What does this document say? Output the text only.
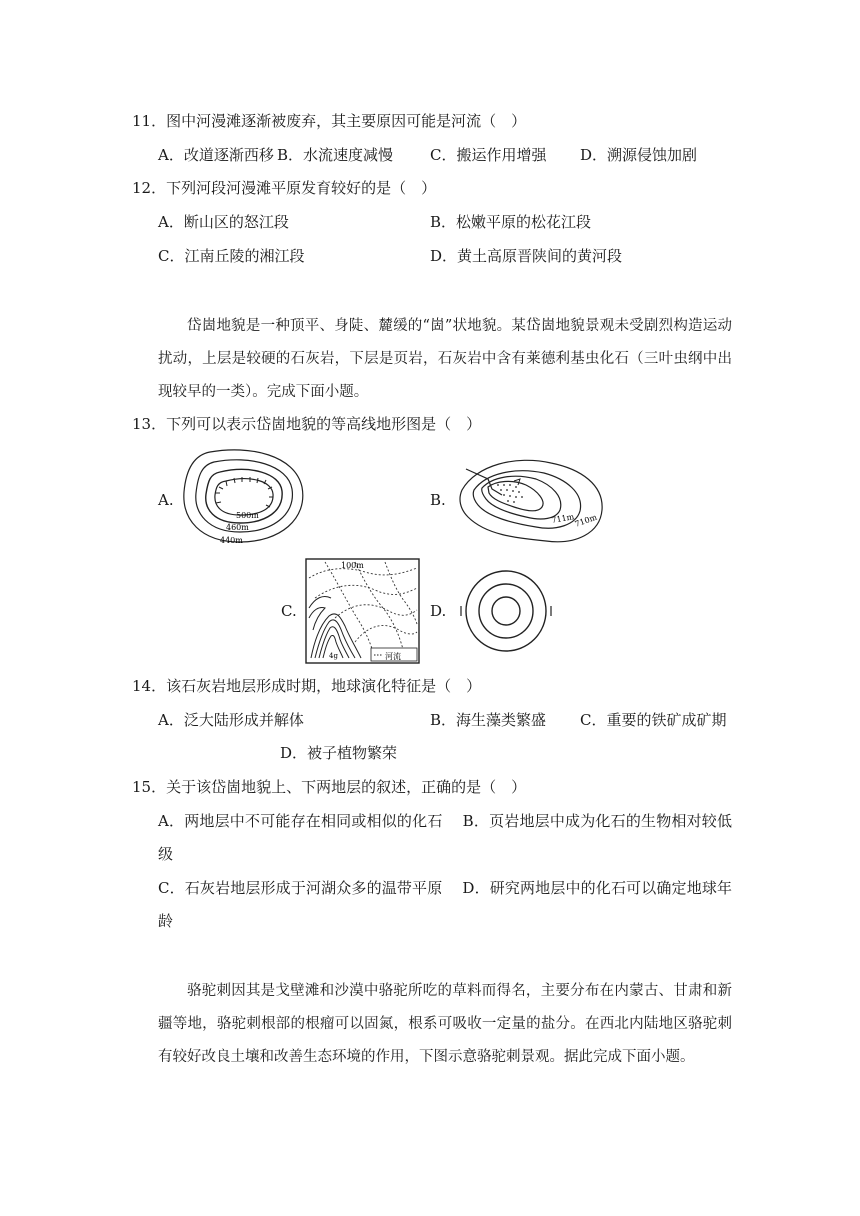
11．图中河漫滩逐渐被废弃，其主要原因可能是河流（　）
A．改道逐渐西移 B．水流速度减慢 C．搬运作用增强 D．溯源侵蚀加剧
12．下列河段河漫滩平原发育较好的是（　）
A．断山区的怒江段	B．松嫩平原的松花江段
C．江南丘陵的湘江段	D．黄土高原晋陕间的黄河段
岱崮地貌是一种顶平、身陡、麓缓的“崮”状地貌。某岱崮地貌景观未受剧烈构造运动扰动，上层是较硬的石灰岩，下层是页岩，石灰岩中含有莱德利基虫化石（三叶虫纲中出现较早的一类）。完成下面小题。
13．下列可以表示岱崮地貌的等高线地形图是（　）
A.
500m
460m
440m
B.
711m
710m
C.
河流
100m
4g
D.
14．该石灰岩地层形成时期，地球演化特征是（　）
A．泛大陆形成并解体	B．海生藻类繁盛 C．重要的铁矿成矿期
D．被子植物繁荣
15．关于该岱崮地貌上、下两地层的叙述，正确的是（　）
A．两地层中不可能存在相同或相似的化石　 B．页岩地层中成为化石的生物相对较低级
C．石灰岩地层形成于河湖众多的温带平原　 D．研究两地层中的化石可以确定地球年龄
骆驼刺因其是戈壁滩和沙漠中骆驼所吃的草料而得名，主要分布在内蒙古、甘肃和新疆等地，骆驼刺根部的根瘤可以固氮，根系可吸收一定量的盐分。在西北内陆地区骆驼刺有较好改良土壤和改善生态环境的作用，下图示意骆驼刺景观。据此完成下面小题。
